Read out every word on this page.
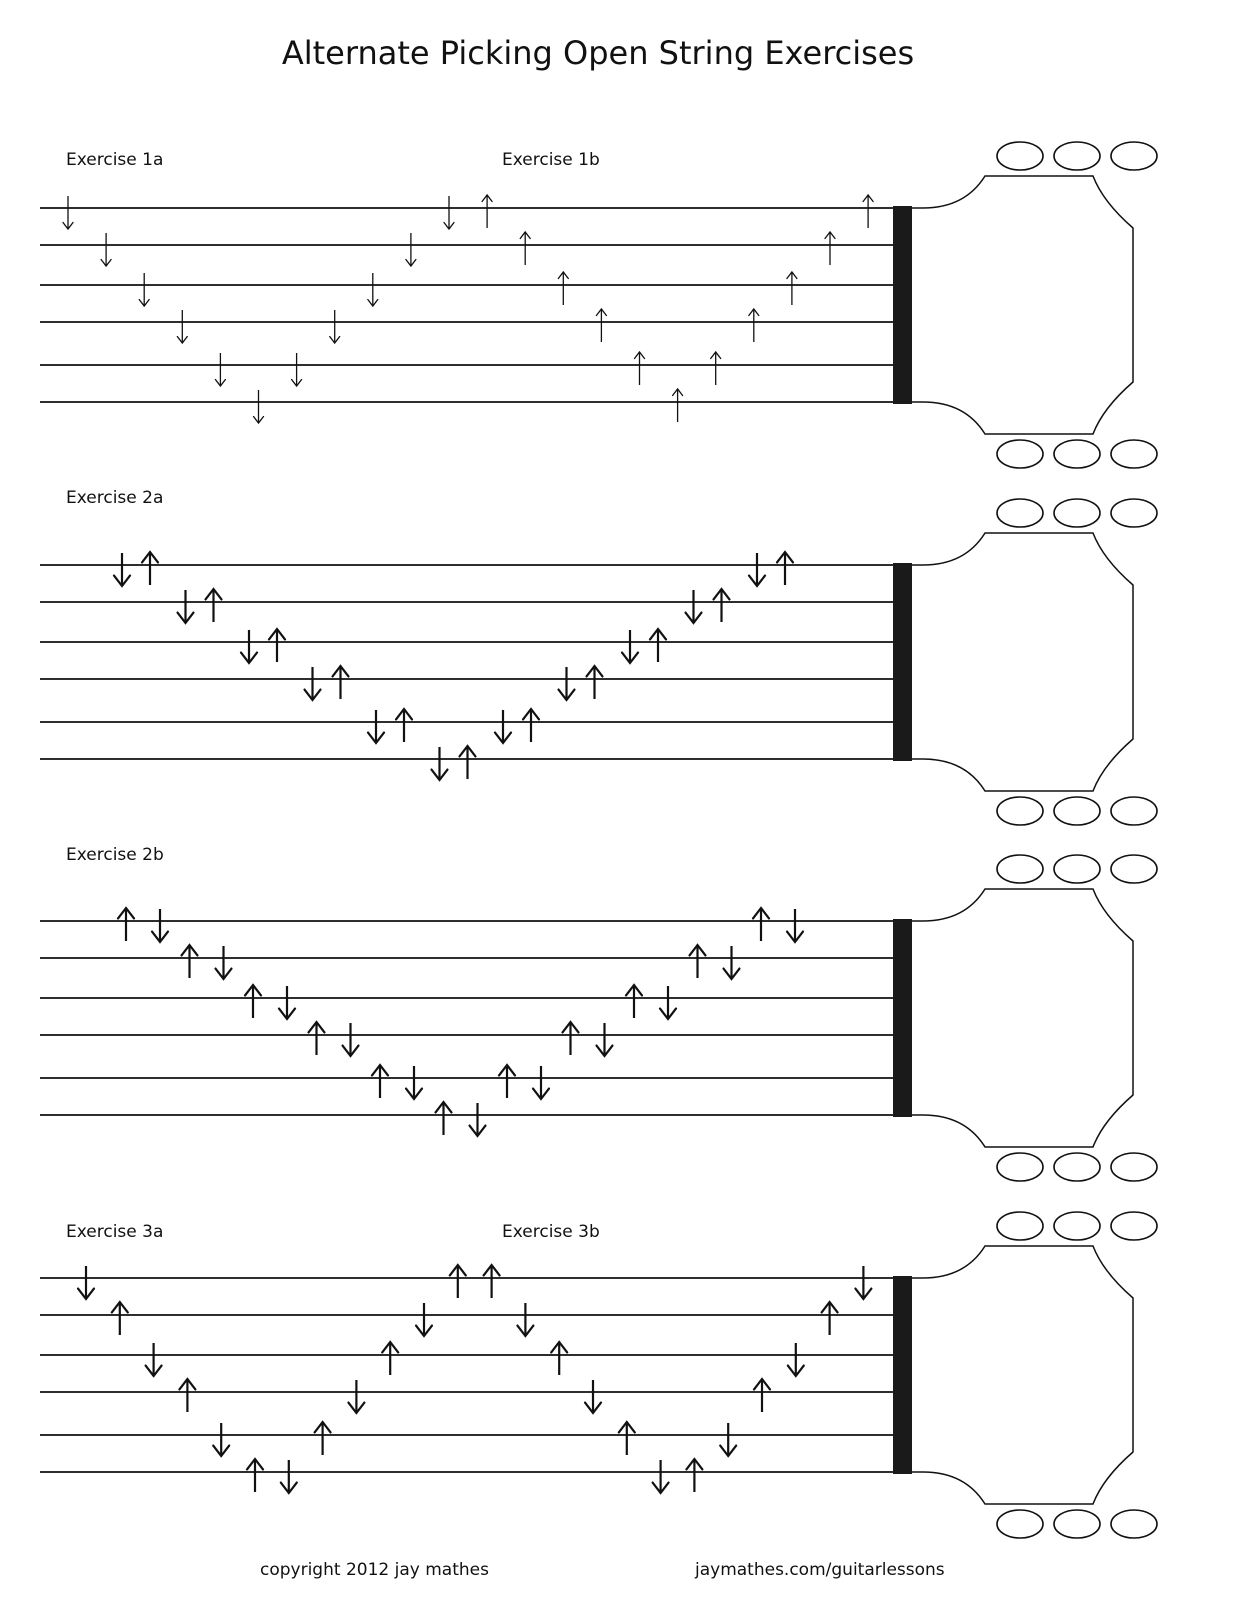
Alternate Picking Open String Exercises
Exercise 1a	Exercise 1b
Exercise 2a
Exercise 2b
Exercise 3a	Exercise 3b
copyright 2012 jay mathes	jaymathes.com/guitarlessons
